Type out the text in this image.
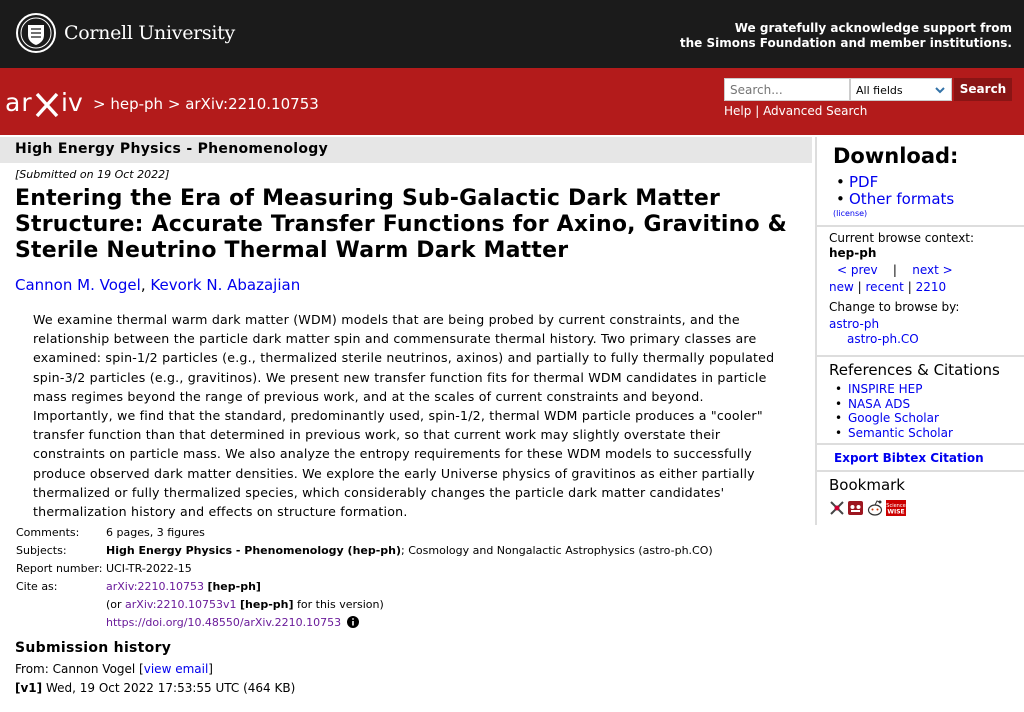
Cornell University	We gratefully acknowledge support from
the Simons Foundation and member institutions.
ar iv > hep-ph > arXiv:2210.10753
Search...
All fields	Search
Help | Advanced Search
High Energy Physics - Phenomenology
[Submitted on 19 Oct 2022]
Entering the Era of Measuring Sub-Galactic Dark Matter Structure: Accurate Transfer Functions for Axino, Gravitino & Sterile Neutrino Thermal Warm Dark Matter
Cannon M. Vogel, Kevork N. Abazajian
We examine thermal warm dark matter (WDM) models that are being probed by current constraints, and the relationship between the particle dark matter spin and commensurate thermal history. Two primary classes are examined: spin-1/2 particles (e.g., thermalized sterile neutrinos, axinos) and partially to fully thermally populated spin-3/2 particles (e.g., gravitinos). We present new transfer function fits for thermal WDM candidates in particle mass regimes beyond the range of previous work, and at the scales of current constraints and beyond. Importantly, we find that the standard, predominantly used, spin-1/2, thermal WDM particle produces a "cooler" transfer function than that determined in previous work, so that current work may slightly overstate their constraints on particle mass. We also analyze the entropy requirements for these WDM models to successfully produce observed dark matter densities. We explore the early Universe physics of gravitinos as either partially thermalized or fully thermalized species, which considerably changes the particle dark matter candidates' thermalization history and effects on structure formation.
Comments: 6 pages, 3 figures
Subjects:	High Energy Physics - Phenomenology (hep-ph); Cosmology and Nongalactic Astrophysics (astro-ph.CO)
Report number: UCI-TR-2022-15
Cite as:	arXiv:2210.10753 [hep-ph]
(or arXiv:2210.10753v1 [hep-ph] for this version)
https://doi.org/10.48550/arXiv.2210.10753
Submission history
From: Cannon Vogel [view email]
[v1] Wed, 19 Oct 2022 17:53:55 UTC (464 KB)
Download:
• PDF
• Other formats
(license)
Current browse context:
hep-ph
< prev | next >
new | recent | 2210
Change to browse by:
astro-ph
astro-ph.CO
References & Citations
• INSPIRE HEP
• NASA ADS
• Google Scholar
• Semantic Scholar
Export Bibtex Citation
Bookmark
Science
WISE
